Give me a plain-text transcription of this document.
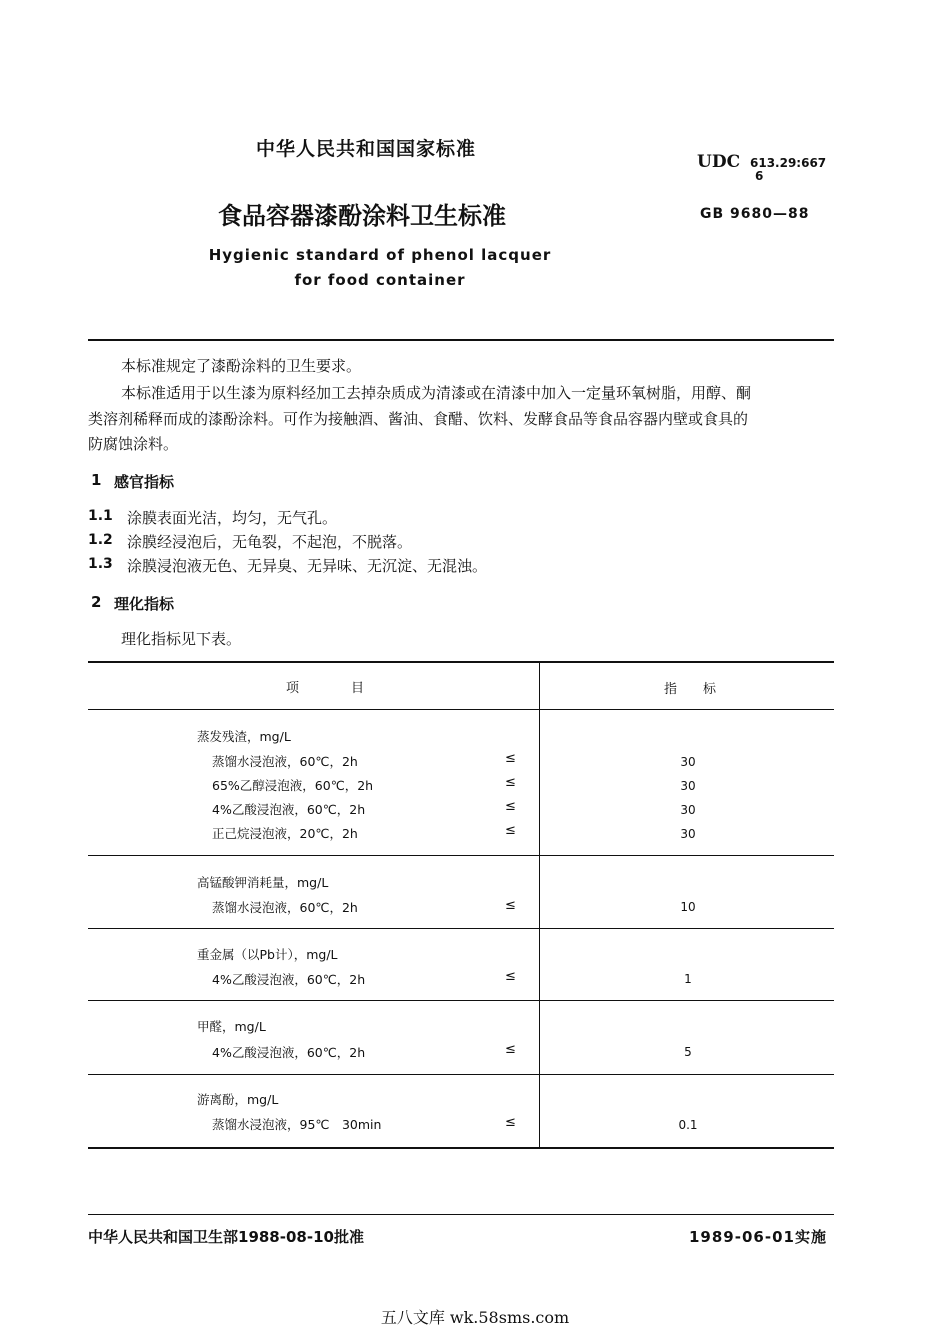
中华人民共和国国家标准
UDC 613.29:667
6
食品容器漆酚涂料卫生标准	GB 9680—88
Hygienic standard of phenol lacquer
for food container
本标准规定了漆酚涂料的卫生要求。
本标准适用于以生漆为原料经加工去掉杂质成为清漆或在清漆中加入一定量环氧树脂，用醇、酮
类溶剂稀释而成的漆酚涂料。可作为接触酒、酱油、食醋、饮料、发酵食品等食品容器内壁或食具的
防腐蚀涂料。
1 感官指标
1.1 涂膜表面光洁，均匀，无气孔。
1.2 涂膜经浸泡后，无龟裂，不起泡，不脱落。
1.3 涂膜浸泡液无色、无异臭、无异味、无沉淀、无混浊。
2 理化指标
理化指标见下表。
项　　　　目	指　　标
蒸发残渣，mg/L
蒸馏水浸泡液，60℃，2h	≤	30
65%乙醇浸泡液，60℃，2h	≤	30
4%乙酸浸泡液，60℃，2h	≤	30
正己烷浸泡液，20℃，2h	≤	30
高锰酸钾消耗量，mg/L
蒸馏水浸泡液，60℃，2h	≤	10
重金属（以Pb计），mg/L
4%乙酸浸泡液，60℃，2h	≤	1
甲醛，mg/L
4%乙酸浸泡液，60℃，2h	≤	5
游离酚，mg/L
蒸馏水浸泡液，95℃　30min	≤	0.1
中华人民共和国卫生部1988-08-10批准	1989-06-01实施
五八文库 wk.58sms.com
